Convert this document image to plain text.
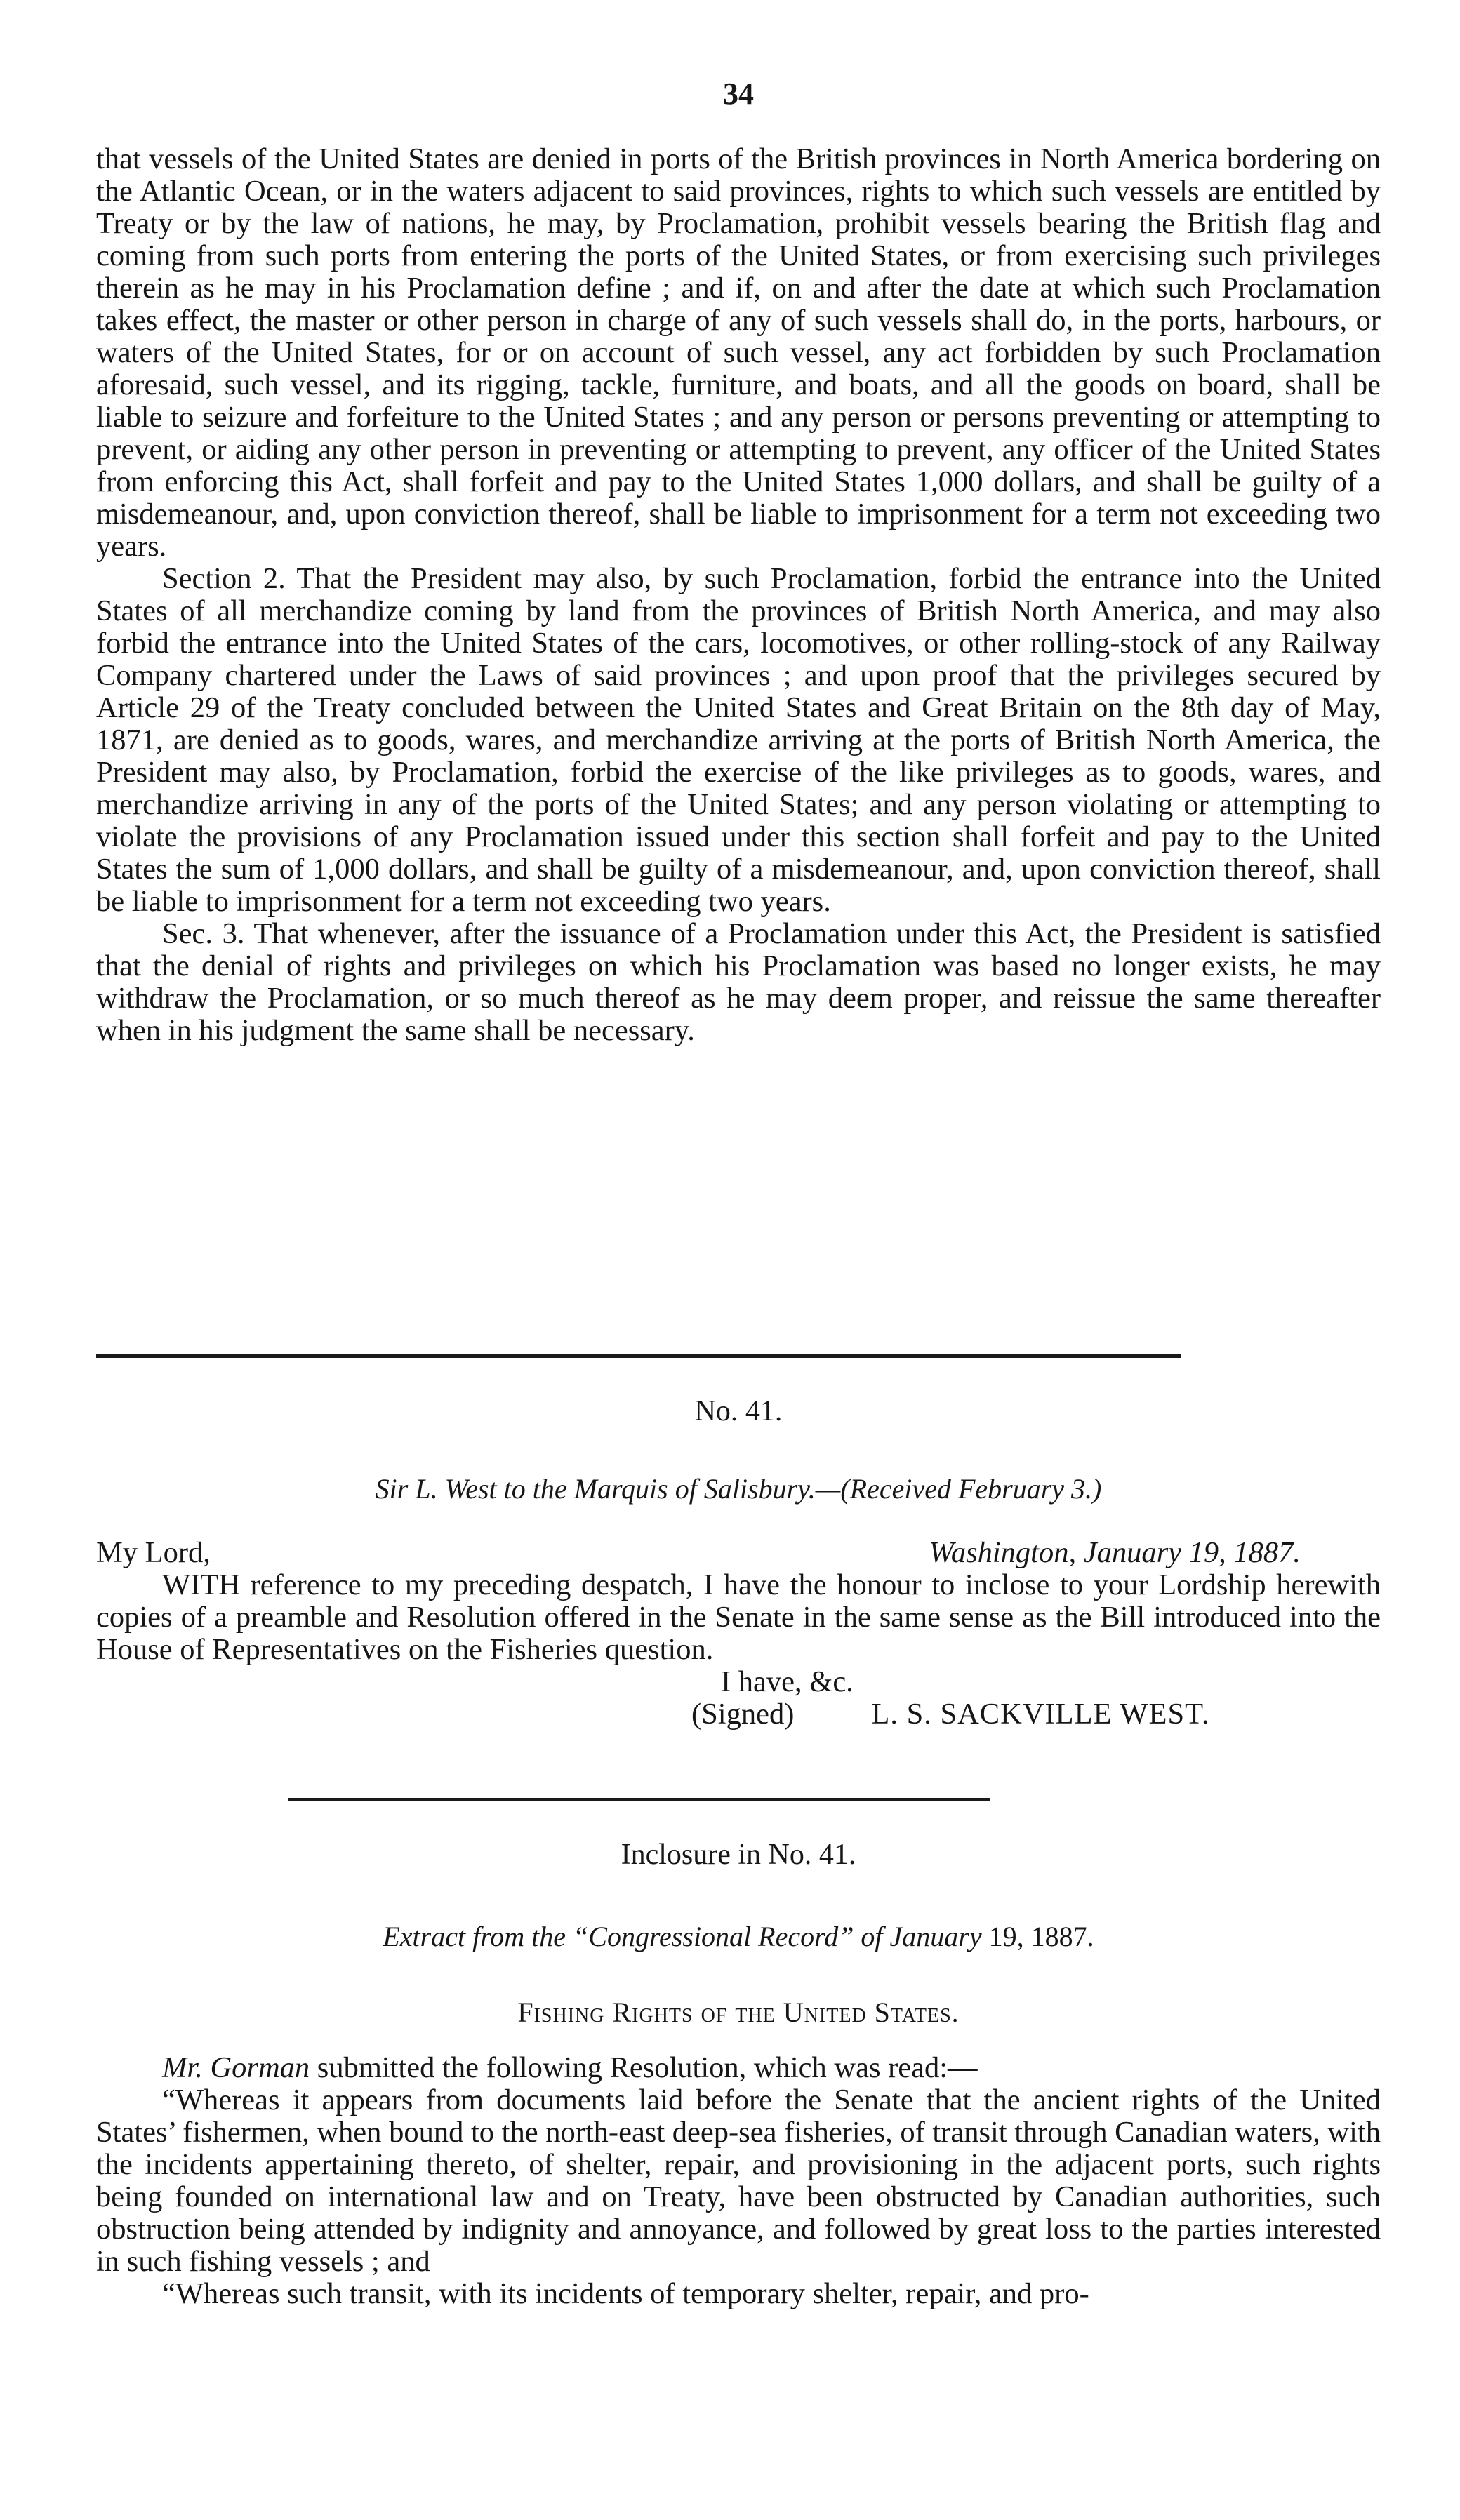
34

that vessels of the United States are denied in ports of the British provinces in North America bordering on the Atlantic Ocean, or in the waters adjacent to said provinces, rights to which such vessels are entitled by Treaty or by the law of nations, he may, by Proclamation, prohibit vessels bearing the British flag and coming from such ports from entering the ports of the United States, or from exercising such privileges therein as he may in his Proclamation define ; and if, on and after the date at which such Proclamation takes effect, the master or other person in charge of any of such vessels shall do, in the ports, harbours, or waters of the United States, for or on account of such vessel, any act forbidden by such Proclamation aforesaid, such vessel, and its rigging, tackle, furniture, and boats, and all the goods on board, shall be liable to seizure and forfeiture to the United States ; and any person or persons preventing or attempting to prevent, or aiding any other person in preventing or attempting to prevent, any officer of the United States from enforcing this Act, shall forfeit and pay to the United States 1,000 dollars, and shall be guilty of a misdemeanour, and, upon conviction thereof, shall be liable to imprisonment for a term not exceeding two years.

Section 2. That the President may also, by such Proclamation, forbid the entrance into the United States of all merchandize coming by land from the provinces of British North America, and may also forbid the entrance into the United States of the cars, locomotives, or other rolling-stock of any Railway Company chartered under the Laws of said provinces ; and upon proof that the privileges secured by Article 29 of the Treaty concluded between the United States and Great Britain on the 8th day of May, 1871, are denied as to goods, wares, and merchandize arriving at the ports of British North America, the President may also, by Proclamation, forbid the exercise of the like privileges as to goods, wares, and merchandize arriving in any of the ports of the United States; and any person violating or attempting to violate the provisions of any Proclamation issued under this section shall forfeit and pay to the United States the sum of 1,000 dollars, and shall be guilty of a misdemeanour, and, upon conviction thereof, shall be liable to imprisonment for a term not exceeding two years.

Sec. 3. That whenever, after the issuance of a Proclamation under this Act, the President is satisfied that the denial of rights and privileges on which his Proclamation was based no longer exists, he may withdraw the Proclamation, or so much thereof as he may deem proper, and reissue the same thereafter when in his judgment the same shall be necessary.

No. 41.
Sir L. West to the Marquis of Salisbury.—(Received February 3.)
My Lord,	Washington, January 19, 1887.

WITH reference to my preceding despatch, I have the honour to inclose to your Lordship herewith copies of a preamble and Resolution offered in the Senate in the same sense as the Bill introduced into the House of Representatives on the Fisheries question.

I have, &c.

(Signed)	L. S. SACKVILLE WEST.

Inclosure in No. 41.
Extract from the “Congressional Record” of January 19, 1887.
Fishing Rights of the United States.

Mr. Gorman submitted the following Resolution, which was read:—

“Whereas it appears from documents laid before the Senate that the ancient rights of the United States’ fishermen, when bound to the north-east deep-sea fisheries, of transit through Canadian waters, with the incidents appertaining thereto, of shelter, repair, and provisioning in the adjacent ports, such rights being founded on international law and on Treaty, have been obstructed by Canadian authorities, such obstruction being attended by indignity and annoyance, and followed by great loss to the parties interested in such fishing vessels ; and

“Whereas such transit, with its incidents of temporary shelter, repair, and pro-
